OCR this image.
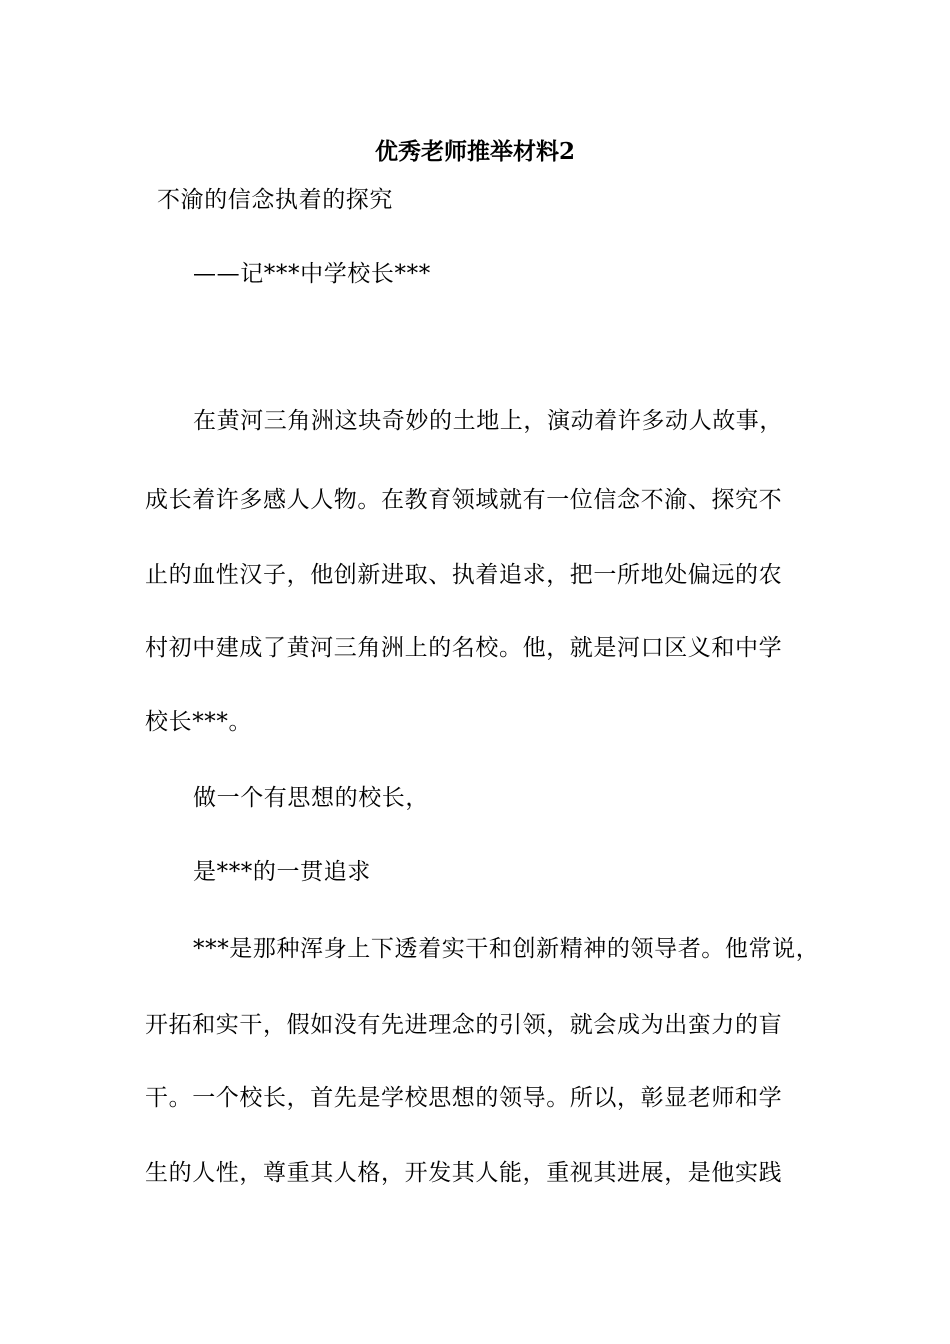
优秀老师推举材料2
不渝的信念执着的探究
——记***中学校长***
在黄河三角洲这块奇妙的土地上，演动着许多动人故事，
成长着许多感人人物。在教育领域就有一位信念不渝、探究不
止的血性汉子，他创新进取、执着追求，把一所地处偏远的农
村初中建成了黄河三角洲上的名校。他，就是河口区义和中学
校长***。
做一个有思想的校长，
是***的一贯追求
***是那种浑身上下透着实干和创新精神的领导者。他常说，
开拓和实干，假如没有先进理念的引领，就会成为出蛮力的盲
干。一个校长，首先是学校思想的领导。所以，彰显老师和学
生的人性，尊重其人格，开发其人能，重视其进展，是他实践
